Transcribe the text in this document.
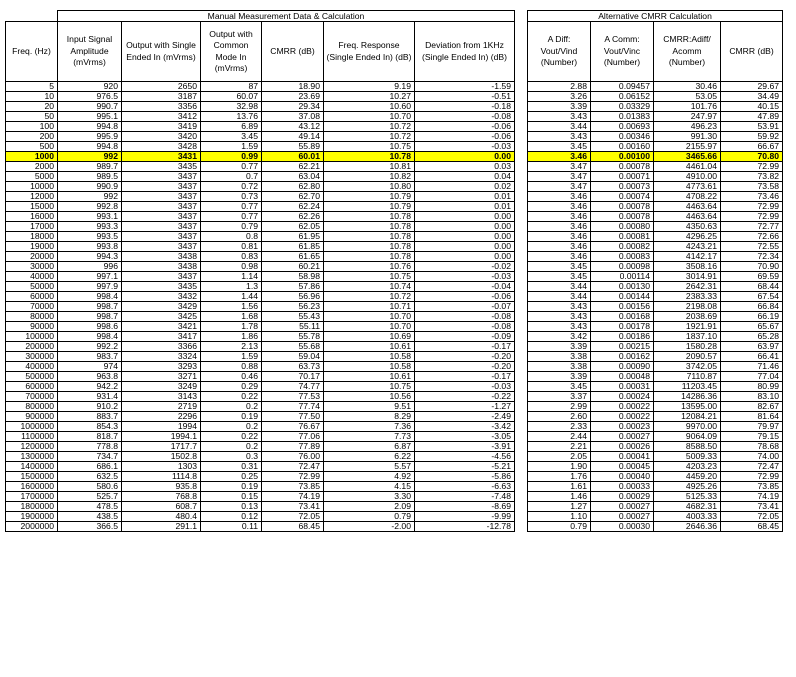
	Manual Measurement Data & Calculation					
Freq. (Hz)	Input Signal Amplitude (mVrms)	Output with Single Ended In (mVrms)	Output with Common Mode In (mVrms)	CMRR (dB)	Freq. Response (Single Ended In) (dB)	Deviation from 1KHz (Single Ended In) (dB)
5	920	2650	87	18.90	9.19	-1.59
10	976.5	3187	60.07	23.69	10.27	-0.51
20	990.7	3356	32.98	29.34	10.60	-0.18
50	995.1	3412	13.76	37.08	10.70	-0.08
100	994.8	3419	6.89	43.12	10.72	-0.06
200	995.9	3420	3.45	49.14	10.72	-0.06
500	994.8	3428	1.59	55.89	10.75	-0.03
1000	992	3431	0.99	60.01	10.78	0.00
2000	989.7	3435	0.77	62.21	10.81	0.03
5000	989.5	3437	0.7	63.04	10.82	0.04
10000	990.9	3437	0.72	62.80	10.80	0.02
12000	992	3437	0.73	62.70	10.79	0.01
15000	992.8	3437	0.77	62.24	10.79	0.01
16000	993.1	3437	0.77	62.26	10.78	0.00
17000	993.3	3437	0.79	62.05	10.78	0.00
18000	993.5	3437	0.8	61.95	10.78	0.00
19000	993.8	3437	0.81	61.85	10.78	0.00
20000	994.3	3438	0.83	61.65	10.78	0.00
30000	996	3438	0.98	60.21	10.76	-0.02
40000	997.1	3437	1.14	58.98	10.75	-0.03
50000	997.9	3435	1.3	57.86	10.74	-0.04
60000	998.4	3432	1.44	56.96	10.72	-0.06
70000	998.7	3429	1.56	56.23	10.71	-0.07
80000	998.7	3425	1.68	55.43	10.70	-0.08
90000	998.6	3421	1.78	55.11	10.70	-0.08
100000	998.4	3417	1.86	55.78	10.69	-0.09
200000	992.2	3366	2.13	55.68	10.61	-0.17
300000	983.7	3324	1.59	59.04	10.58	-0.20
400000	974	3293	0.88	63.73	10.58	-0.20
500000	963.8	3271	0.46	70.17	10.61	-0.17
600000	942.2	3249	0.29	74.77	10.75	-0.03
700000	931.4	3143	0.22	77.53	10.56	-0.22
800000	910.2	2719	0.2	77.74	9.51	-1.27
900000	883.7	2296	0.19	77.50	8.29	-2.49
1000000	854.3	1994	0.2	76.67	7.36	-3.42
1100000	818.7	1994.1	0.22	77.06	7.73	-3.05
1200000	778.8	1717.7	0.2	77.89	6.87	-3.91
1300000	734.7	1502.8	0.3	76.00	6.22	-4.56
1400000	686.1	1303	0.31	72.47	5.57	-5.21
1500000	632.5	1114.8	0.25	72.99	4.92	-5.86
1600000	580.6	935.8	0.19	73.85	4.15	-6.63
1700000	525.7	768.8	0.15	74.19	3.30	-7.48
1800000	478.5	608.7	0.13	73.41	2.09	-8.69
1900000	438.5	480.4	0.12	72.05	0.79	-9.99
2000000	366.5	291.1	0.11	68.45	-2.00	-12.78
Alternative CMRR Calculation			
A Diff: Vout/Vind (Number)	A Comm: Vout/Vinc (Number)	CMRR:Adiff/ Acomm (Number)	CMRR (dB)
2.88	0.09457	30.46	29.67
3.26	0.06152	53.05	34.49
3.39	0.03329	101.76	40.15
3.43	0.01383	247.97	47.89
3.44	0.00693	496.23	53.91
3.43	0.00346	991.30	59.92
3.45	0.00160	2155.97	66.67
3.46	0.00100	3465.66	70.80
3.47	0.00078	4461.04	72.99
3.47	0.00071	4910.00	73.82
3.47	0.00073	4773.61	73.58
3.46	0.00074	4708.22	73.46
3.46	0.00078	4463.64	72.99
3.46	0.00078	4463.64	72.99
3.46	0.00080	4350.63	72.77
3.46	0.00081	4296.25	72.66
3.46	0.00082	4243.21	72.55
3.46	0.00083	4142.17	72.34
3.45	0.00098	3508.16	70.90
3.45	0.00114	3014.91	69.59
3.44	0.00130	2642.31	68.44
3.44	0.00144	2383.33	67.54
3.43	0.00156	2198.08	66.84
3.43	0.00168	2038.69	66.19
3.43	0.00178	1921.91	65.67
3.42	0.00186	1837.10	65.28
3.39	0.00215	1580.28	63.97
3.38	0.00162	2090.57	66.41
3.38	0.00090	3742.05	71.46
3.39	0.00048	7110.87	77.04
3.45	0.00031	11203.45	80.99
3.37	0.00024	14286.36	83.10
2.99	0.00022	13595.00	82.67
2.60	0.00022	12084.21	81.64
2.33	0.00023	9970.00	79.97
2.44	0.00027	9064.09	79.15
2.21	0.00026	8588.50	78.68
2.05	0.00041	5009.33	74.00
1.90	0.00045	4203.23	72.47
1.76	0.00040	4459.20	72.99
1.61	0.00033	4925.26	73.85
1.46	0.00029	5125.33	74.19
1.27	0.00027	4682.31	73.41
1.10	0.00027	4003.33	72.05
0.79	0.00030	2646.36	68.45
